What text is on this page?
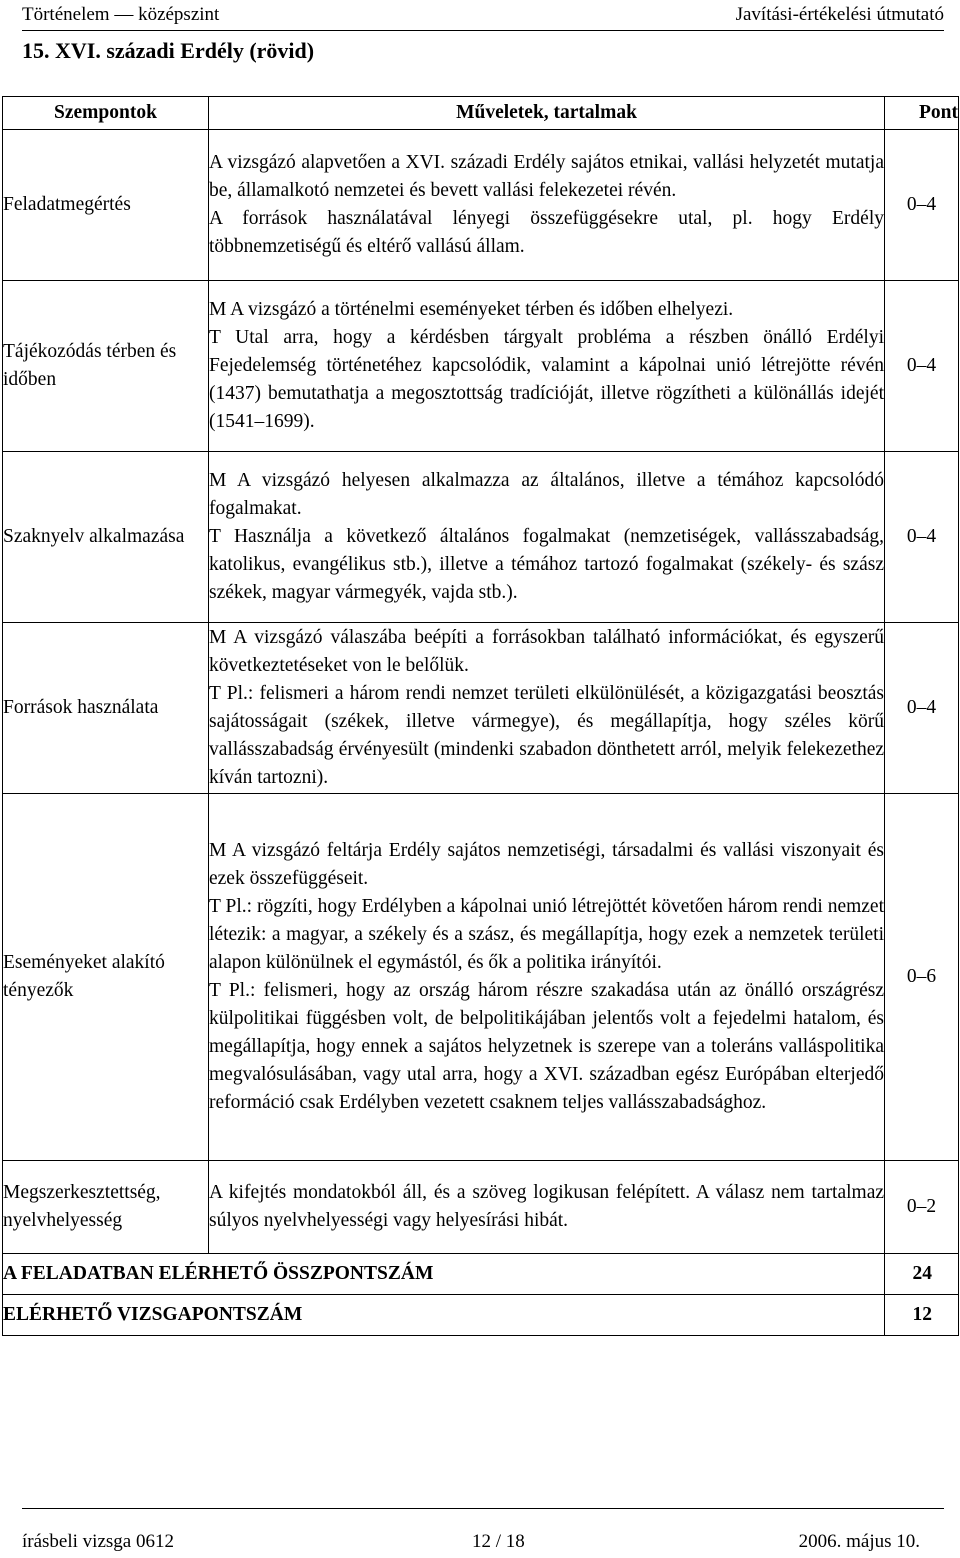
Történelem — középszint	Javítási-értékelési útmutató
15. XVI. századi Erdély (rövid)
Szempontok	Műveletek, tartalmak	Pont
Feladatmegértés	A vizsgázó alapvetően a XVI. századi Erdély sajátos etnikai, vallási helyzetét mutatja be, államalkotó nemzetei és bevett vallási felekezetei révén.
A források használatával lényegi összefüggésekre utal, pl. hogy Erdély többnemzetiségű és eltérő vallású állam.	0–4
Tájékozódás térben és időben	M A vizsgázó a történelmi eseményeket térben és időben elhelyezi.
T Utal arra, hogy a kérdésben tárgyalt probléma a részben önálló Erdélyi Fejedelemség történetéhez kapcsolódik, valamint a kápolnai unió létrejötte révén (1437) bemutathatja a megosztottság tradícióját, illetve rögzítheti a különállás idejét (1541–1699).	0–4
Szaknyelv alkalmazása	M A vizsgázó helyesen alkalmazza az általános, illetve a témához kapcsolódó fogalmakat.
T Használja a következő általános fogalmakat (nemzetiségek, vallásszabadság, katolikus, evangélikus stb.), illetve a témához tartozó fogalmakat (székely- és szász székek, magyar vármegyék, vajda stb.).	0–4
Források használata	M A vizsgázó válaszába beépíti a forrásokban található információkat, és egyszerű következtetéseket von le belőlük.
T Pl.: felismeri a három rendi nemzet területi elkülönülését, a közigazgatási beosztás sajátosságait (székek, illetve vármegye), és megállapítja, hogy széles körű vallásszabadság érvényesült (mindenki szabadon dönthetett arról, melyik felekezethez kíván tartozni).	0–4
Eseményeket alakító tényezők	M A vizsgázó feltárja Erdély sajátos nemzetiségi, társadalmi és vallási viszonyait és ezek összefüggéseit.
T Pl.: rögzíti, hogy Erdélyben a kápolnai unió létrejöttét követően három rendi nemzet létezik: a magyar, a székely és a szász, és megállapítja, hogy ezek a nemzetek területi alapon különülnek el egymástól, és ők a politika irányítói.
T Pl.: felismeri, hogy az ország három részre szakadása után az önálló országrész külpolitikai függésben volt, de belpolitikájában jelentős volt a fejedelmi hatalom, és megállapítja, hogy ennek a sajátos helyzetnek is szerepe van a toleráns valláspolitika megvalósulásában, vagy utal arra, hogy a XVI. században egész Európában elterjedő reformáció csak Erdélyben vezetett csaknem teljes vallásszabadsághoz.	0–6
Megszerkesztettség, nyelvhelyesség	A kifejtés mondatokból áll, és a szöveg logikusan felépített. A válasz nem tartalmaz súlyos nyelvhelyességi vagy helyesírási hibát.	0–2
A FELADATBAN ELÉRHETŐ ÖSSZPONTSZÁM		24
ELÉRHETŐ VIZSGAPONTSZÁM		12
írásbeli vizsga 0612	12 / 18	2006. május 10.
